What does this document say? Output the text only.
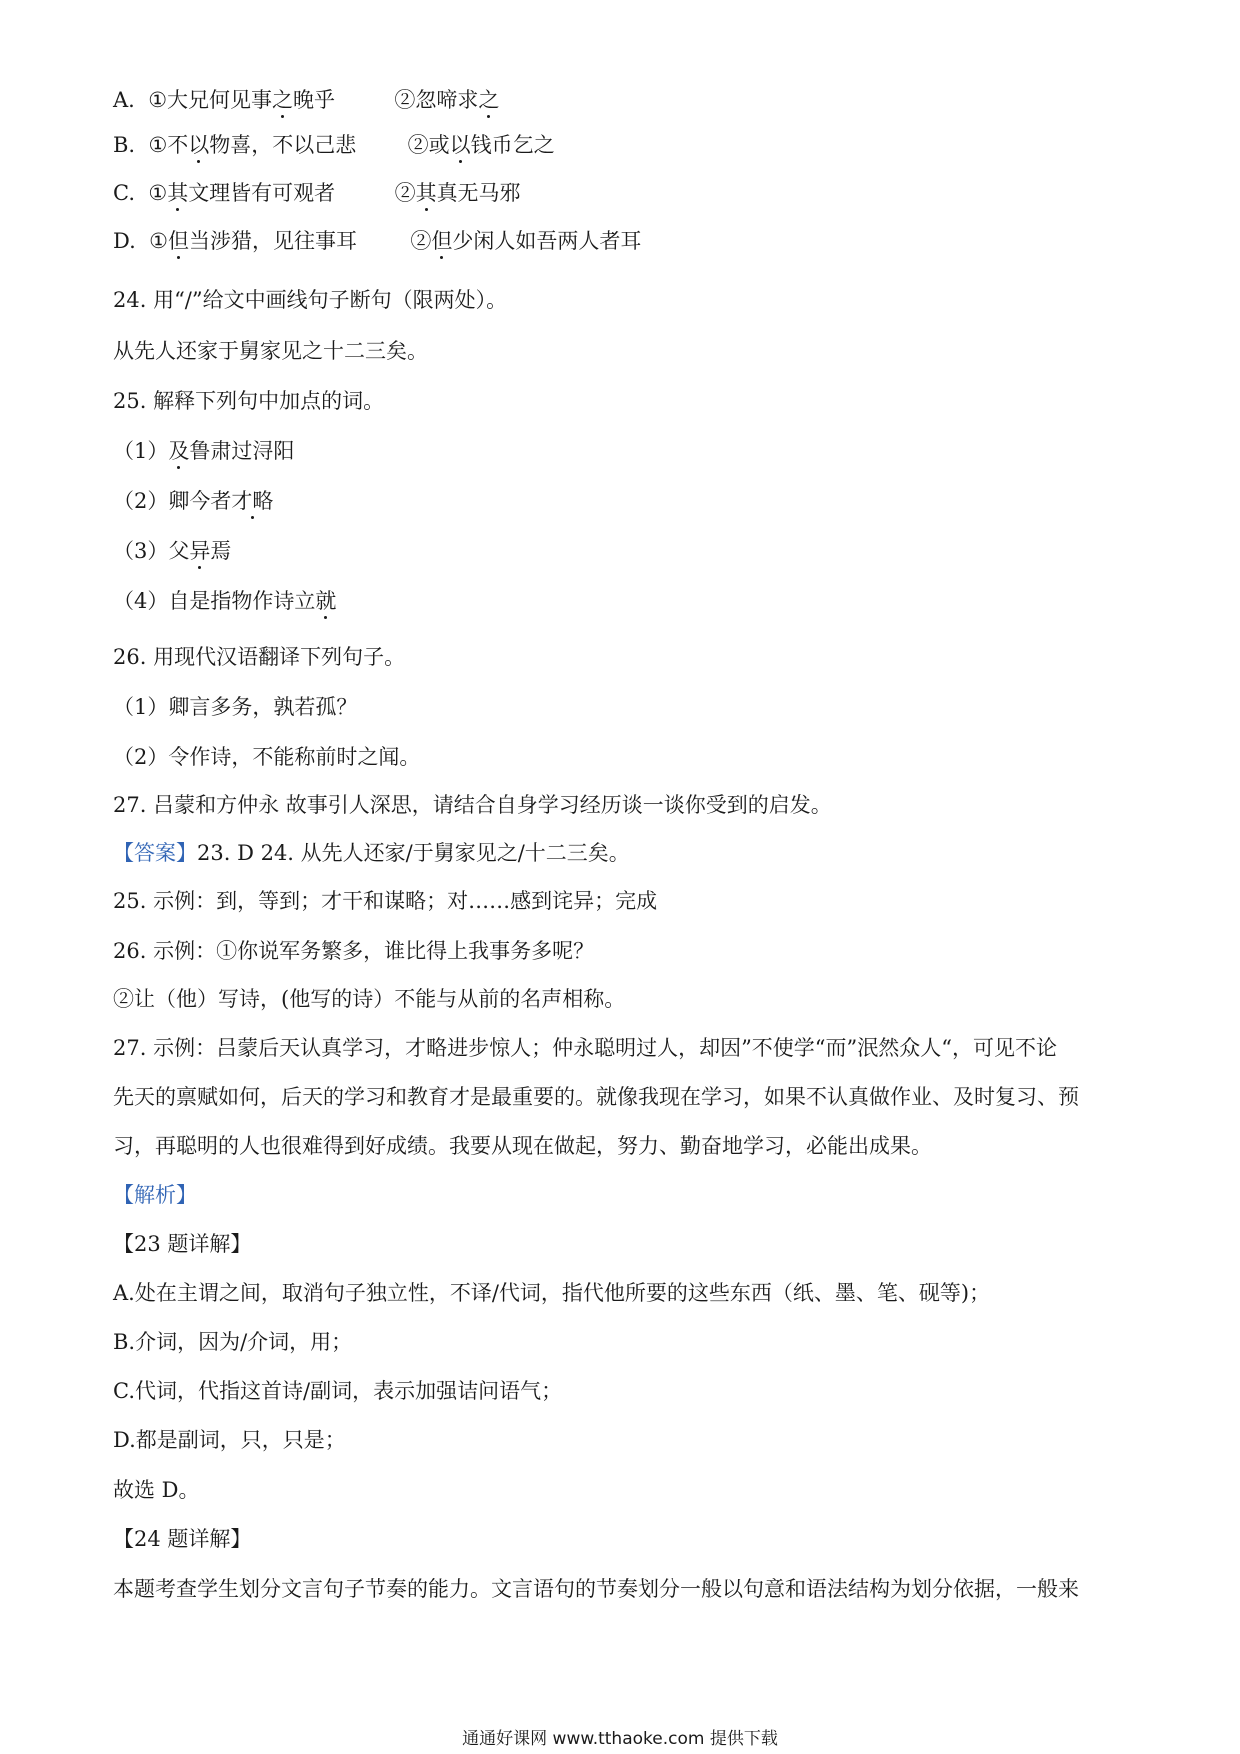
A. ①大兄何见事之晚乎	②忽啼求之
B. ①不以物喜，不以己悲 ②或以钱币乞之
C. ①其文理皆有可观者	②其真无马邪
D. ①但当涉猎，见往事耳	②但少闲人如吾两人者耳
24. 用“/”给文中画线句子断句（限两处）。
从先人还家于舅家见之十二三矣。
25. 解释下列句中加点的词。
（1）及鲁肃过浔阳
（2）卿今者才略
（3）父异焉
（4）自是指物作诗立就
26. 用现代汉语翻译下列句子。
（1）卿言多务，孰若孤？
（2）令作诗，不能称前时之闻。
27. 吕蒙和方仲永 故事引人深思，请结合自身学习经历谈一谈你受到的启发。
【答案】23. D 24. 从先人还家/于舅家见之/十二三矣。
25. 示例：到，等到；才干和谋略；对……感到诧异；完成
26. 示例：①你说军务繁多，谁比得上我事务多呢？
②让（他）写诗，(他写的诗）不能与从前的名声相称。
27. 示例：吕蒙后天认真学习，才略进步惊人；仲永聪明过人，却因”不使学“而”泯然众人“，可见不论
先天的禀赋如何，后天的学习和教育才是最重要的。就像我现在学习，如果不认真做作业、及时复习、预
习，再聪明的人也很难得到好成绩。我要从现在做起，努力、勤奋地学习，必能出成果。
【解析】
【23 题详解】
A.处在主谓之间，取消句子独立性，不译/代词，指代他所要的这些东西（纸、墨、笔、砚等)；
B.介词，因为/介词，用；
C.代词，代指这首诗/副词，表示加强诘问语气；
D.都是副词，只，只是；
故选 D。
【24 题详解】
本题考查学生划分文言句子节奏的能力。文言语句的节奏划分一般以句意和语法结构为划分依据，一般来
通通好课网 www.tthaoke.com 提供下载
